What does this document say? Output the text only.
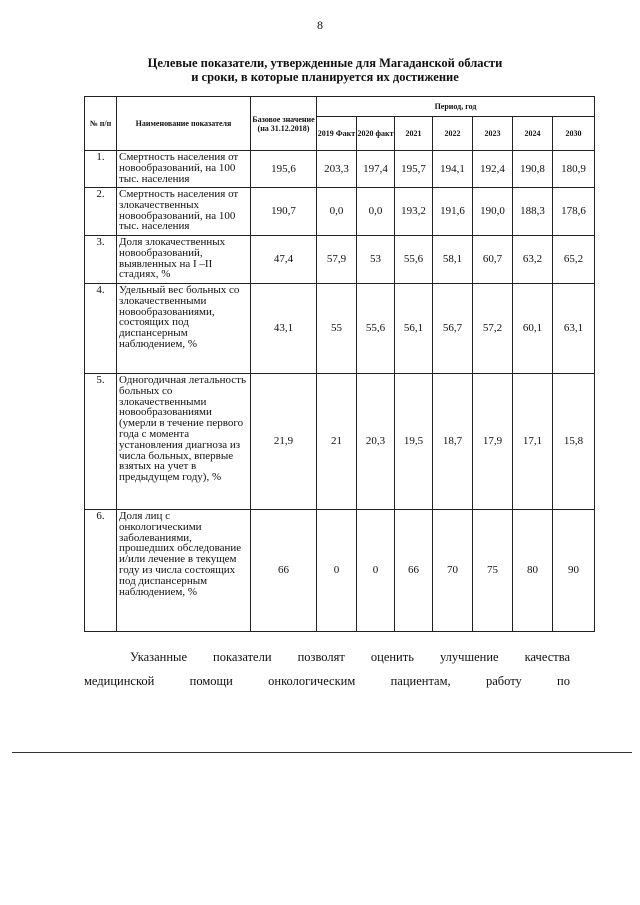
8
Целевые показатели, утвержденные для Магаданской области
и сроки, в которые планируется их достижение
№ п/п	Наименование показателя	Базовое значение (на 31.12.2018)	Период, год						
			2019 Факт	2020 факт	2021	2022	2023	2024	2030
1.	Смертность населения от новообразований, на 100 тыс. населения	195,6	203,3	197,4	195,7	194,1	192,4	190,8	180,9
2.	Смертность населения от злокачественных новообразований, на 100 тыс. населения	190,7	0,0	0,0	193,2	191,6	190,0	188,3	178,6
3.	Доля злокачественных новообразований, выявленных на I –II стадиях, %	47,4	57,9	53	55,6	58,1	60,7	63,2	65,2
4.	Удельный вес больных со злокачественными новообразованиями, состоящих под диспансерным наблюдением, %	43,1	55	55,6	56,1	56,7	57,2	60,1	63,1
5.	Одногодичная летальность больных со злокачественными новообразованиями (умерли в течение первого года с момента установления диагноза из числа больных, впервые взятых на учет в предыдущем году), %	21,9	21	20,3	19,5	18,7	17,9	17,1	15,8
6.	Доля лиц с онкологическими заболеваниями, прошедших обследование и/или лечение в текущем году из числа состоящих под диспансерным наблюдением, %	66	0	0	66	70	75	80	90
Указанные показатели позволят оценить улучшение качества
медицинской помощи онкологическим пациентам, работу по
